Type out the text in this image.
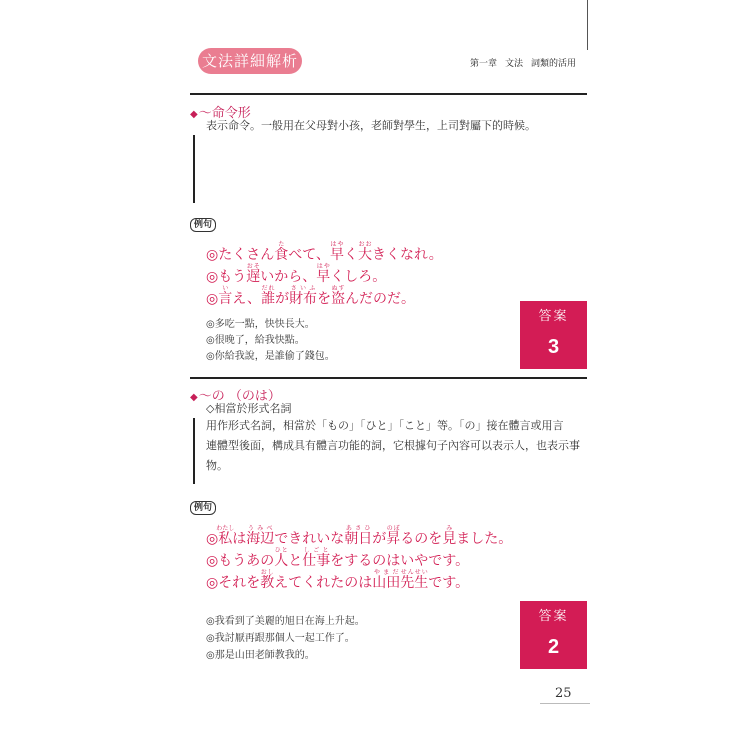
文法詳細解析	第一章 文法 詞類的活用
◆～命令形
表示命令。一般用在父母對小孩，老師對學生，上司對屬下的時候。
例句
◎たくさん食たべて、早はやく大おおきくなれ。
◎もう遅おそいから、早はやくしろ。
◎言いえ、誰だれが財布さいふを盗ぬすんだのだ。
◎多吃一點，快快長大。
◎很晚了，給我快點。
◎你給我說，是誰偷了錢包。
答案
3
◆～の （のは）
◇相當於形式名詞
用作形式名詞，相當於「もの」「ひと」「こと」等。「の」接在體言或用言
連體型後面，構成具有體言功能的詞，它根據句子內容可以表示人，也表示事
物。
例句
◎私わたしは海辺うみべできれいな朝日あさひが昇のぼるのを見みました。
◎もうあの人ひとと仕事しごとをするのはいやです。
◎それを教おしえてくれたのは山田やまだ先生せんせいです。
◎我看到了美麗的旭日在海上升起。
◎我討厭再跟那個人一起工作了。
◎那是山田老師教我的。
答案
2
25
